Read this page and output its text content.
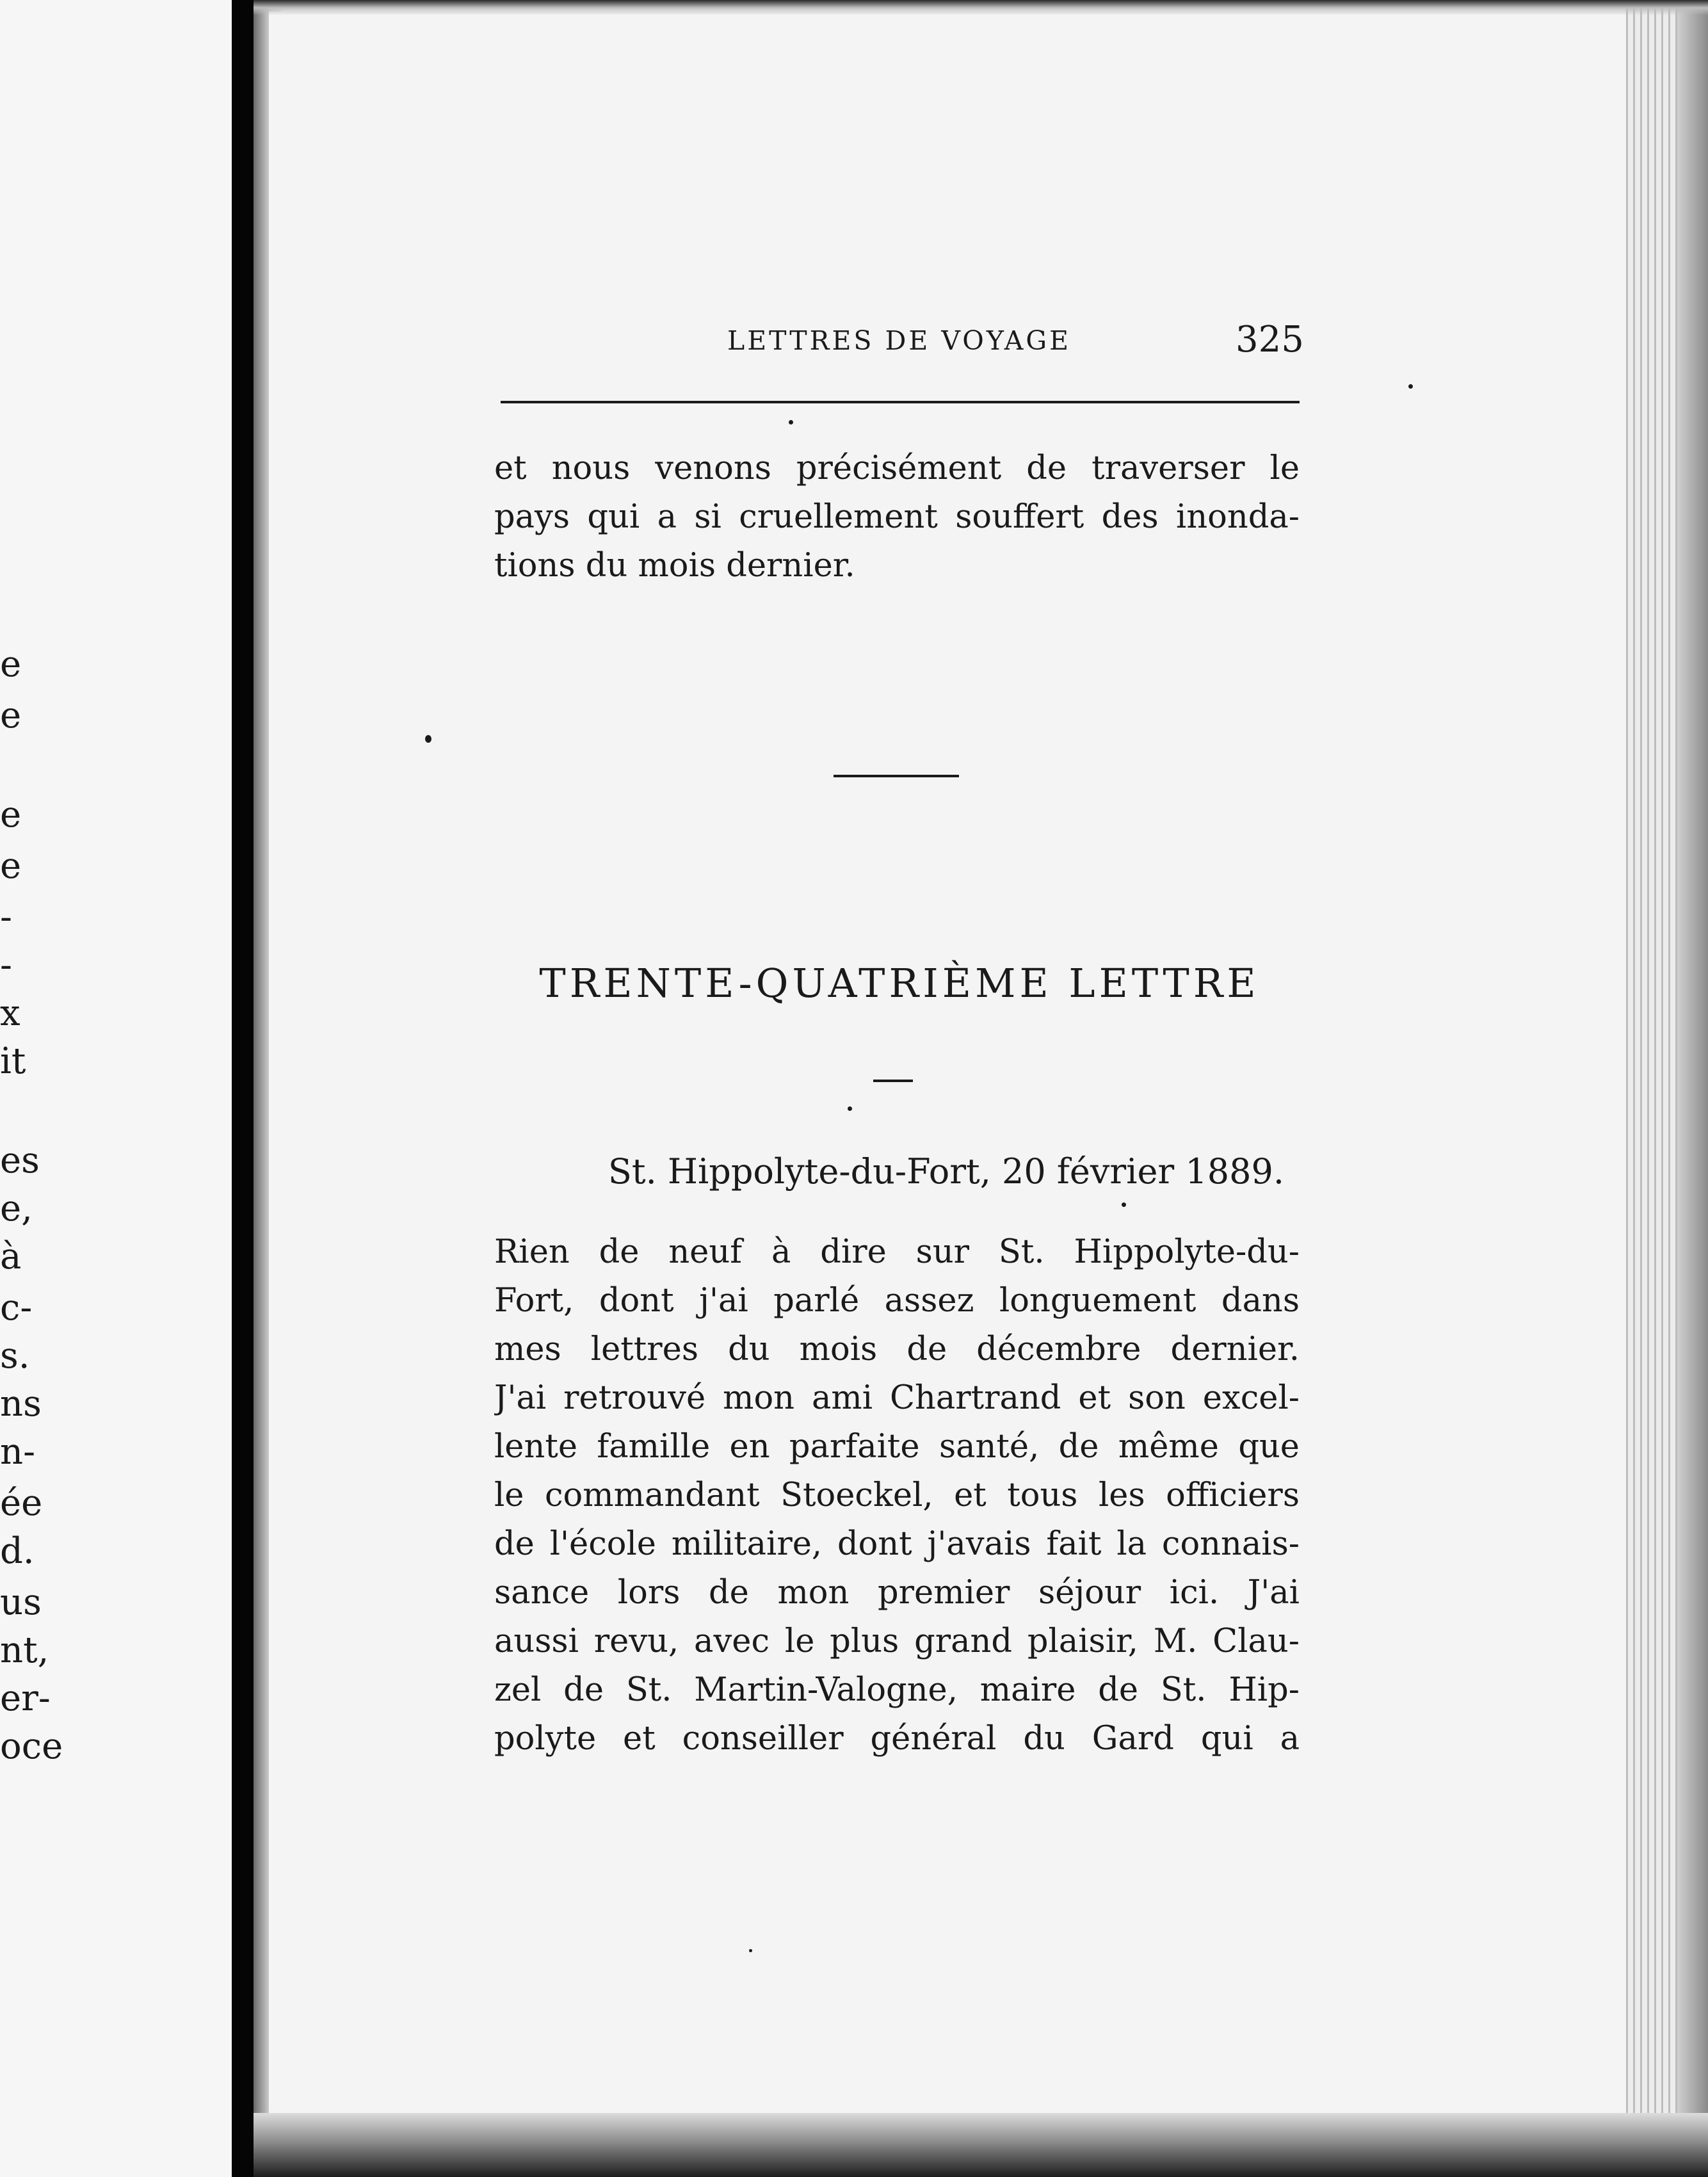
e
e
e
e
-
-
x
it
es
e,
à
c-
s.
ns
n-
ée
d.
us
nt,
er-
oce
LETTRES DE VOYAGE	325
et nous venons précisément de traverser le
pays qui a si cruellement souffert des inonda-
tions du mois dernier.
TRENTE-QUATRIÈME LETTRE
St. Hippolyte-du-Fort, 20 février 1889.
Rien de neuf à dire sur St. Hippolyte-du-
Fort, dont j'ai parlé assez longuement dans
mes lettres du mois de décembre dernier.
J'ai retrouvé mon ami Chartrand et son excel-
lente famille en parfaite santé, de même que
le commandant Stoeckel, et tous les officiers
de l'école militaire, dont j'avais fait la connais-
sance lors de mon premier séjour ici. J'ai
aussi revu, avec le plus grand plaisir, M. Clau-
zel de St. Martin-Valogne, maire de St. Hip-
polyte et conseiller général du Gard qui a
